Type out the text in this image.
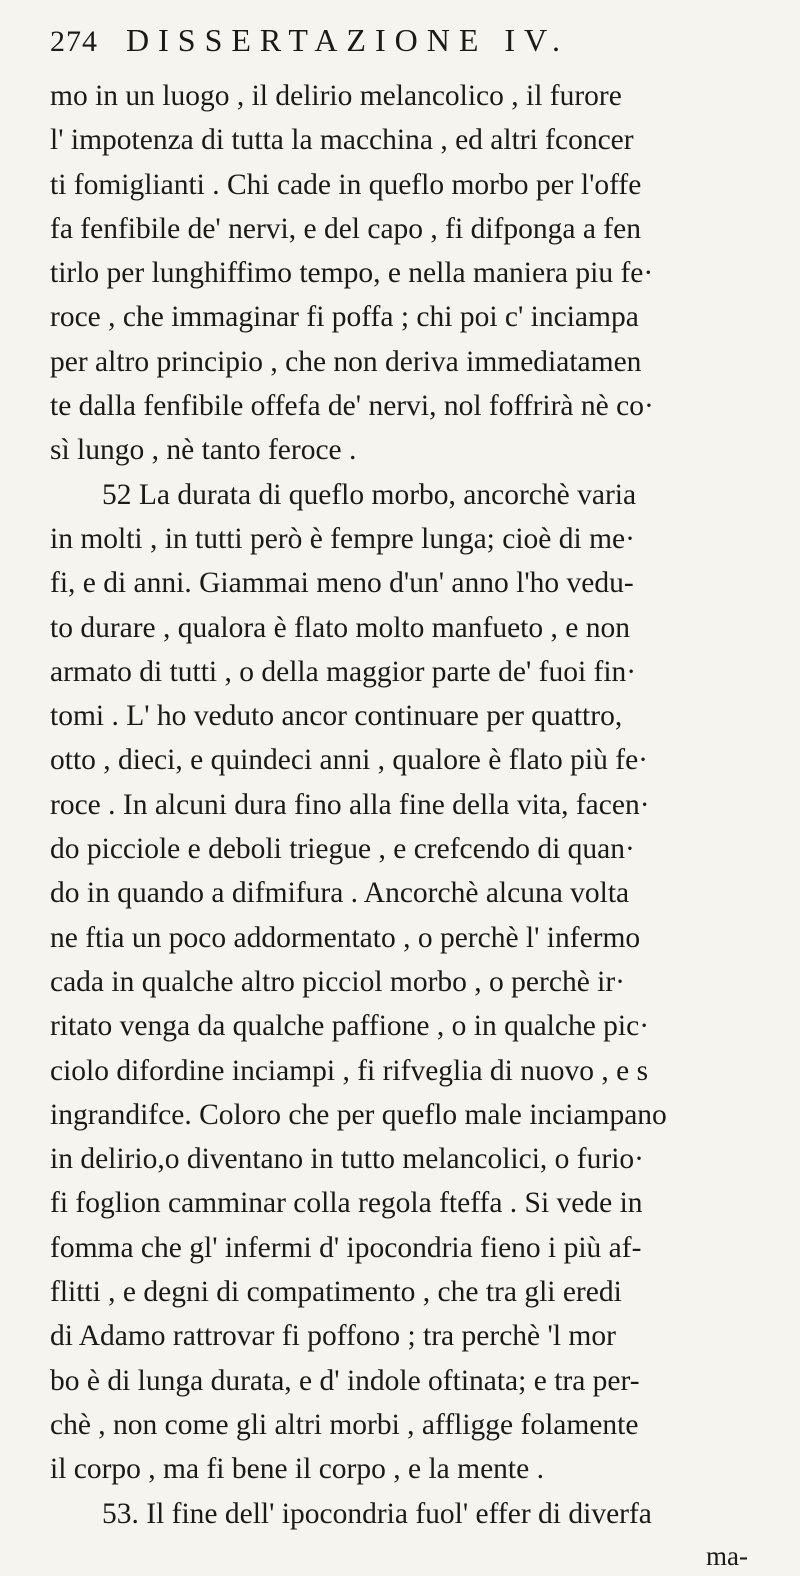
274 DISSERTAZIONE IV.
mo in un luogo , il delirio melancolico , il furore
l' impotenza di tutta la macchina , ed altri fconcer
ti fomiglianti . Chi cade in queflo morbo per l'offe
fa fenfibile de' nervi, e del capo , fi difponga a fen
tirlo per lunghiffimo tempo, e nella maniera piu fe·
roce , che immaginar fi poffa ; chi poi c' inciampa
per altro principio , che non deriva immediatamen
te dalla fenfibile offefa de' nervi, nol foffrirà nè co·
sì lungo , nè tanto feroce .
52 La durata di queflo morbo, ancorchè varia
in molti , in tutti però è fempre lunga; cioè di me·
fi, e di anni. Giammai meno d'un' anno l'ho vedu-
to durare , qualora è flato molto manfueto , e non
armato di tutti , o della maggior parte de' fuoi fin·
tomi . L' ho veduto ancor continuare per quattro,
otto , dieci, e quindeci anni , qualore è flato più fe·
roce . In alcuni dura fino alla fine della vita, facen·
do picciole e deboli triegue , e crefcendo di quan·
do in quando a difmifura . Ancorchè alcuna volta
ne ftia un poco addormentato , o perchè l' infermo
cada in qualche altro picciol morbo , o perchè ir·
ritato venga da qualche paffione , o in qualche pic·
ciolo difordine inciampi , fi rifveglia di nuovo , e s
ingrandifce. Coloro che per queflo male inciampano
in delirio,o diventano in tutto melancolici, o furio·
fi foglion camminar colla regola fteffa . Si vede in
fomma che gl' infermi d' ipocondria fieno i più af-
flitti , e degni di compatimento , che tra gli eredi
di Adamo rattrovar fi poffono ; tra perchè 'l mor
bo è di lunga durata, e d' indole oftinata; e tra per-
chè , non come gli altri morbi , affligge folamente
il corpo , ma fi bene il corpo , e la mente .
53. Il fine dell' ipocondria fuol' effer di diverfa
ma-
